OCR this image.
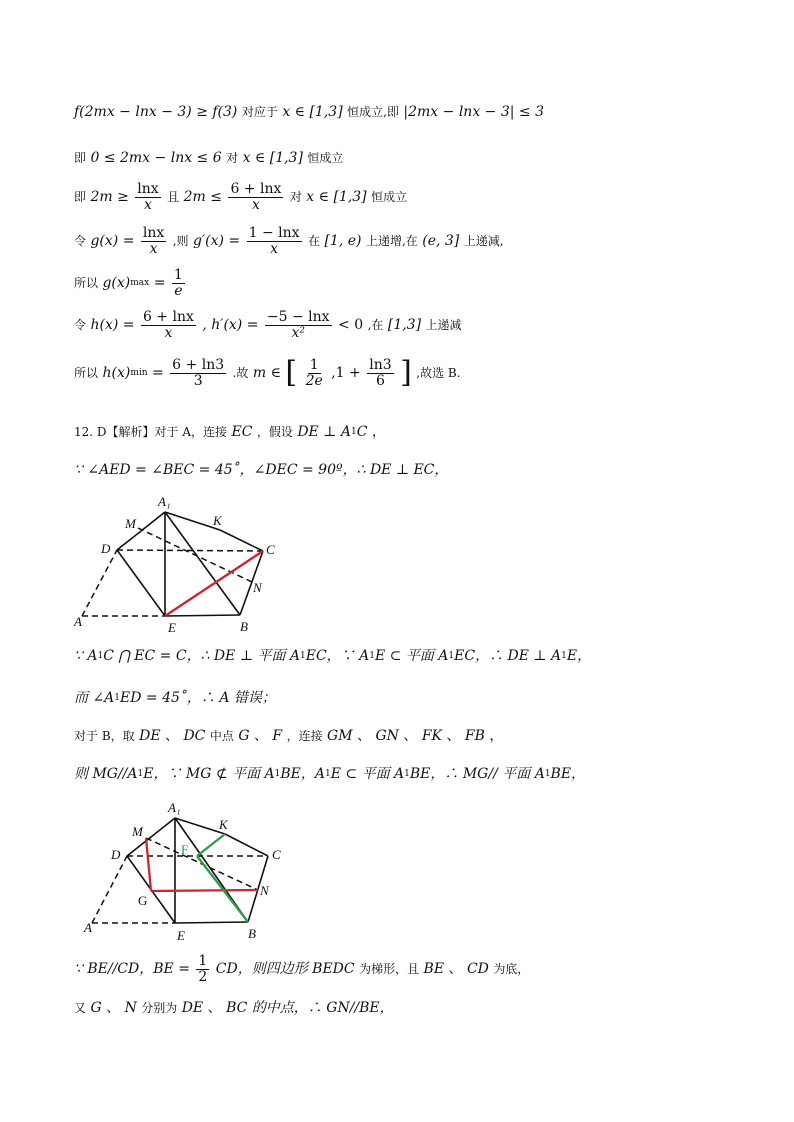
f(2mx − lnx − 3) ≥ f(3) 对应于 x ∈ [1,3] 恒成立,即 |2mx − lnx − 3| ≤ 3
即 0 ≤ 2mx − lnx ≤ 6 对 x ∈ [1,3] 恒成立
即 $2m \ge \frac{\ln x}{x}$ 且 $2m \le \frac{6 + \ln x}{x}$ 对 x ∈ [1,3] 恒成立
令 $g(x) = \frac{\ln x}{x}$ ,则 $g'(x) = \frac{1 - \ln x}{x}$ 在 [1, e) 上递增,在 (e, 3] 上递减,
所以 $g(x)\max = \frac{1}{e}$
令 $h(x) = \frac{6 + \ln x}{x}$ , $h'(x) = \frac{-5 - \ln x}{\text{x²}} < 0$ ,在 [1,3] 上递减
所以 $h(x)\min = \frac{6 + \ln 3}{3}$ .故 m ∈ [ $\frac{1}{2e} ,1 + \frac{\ln 3}{6}$ ] ,故选 B.
12. D【解析】对于 A，连接 EC ，假设 DE ⊥ A1C ，
∵ ∠AED = ∠BEC = 45˚，∠DEC = 90º，∴ DE ⊥ EC，
A₁
M	K
D	C
N
A	E	B
∵ A1C ⋂ EC = C，∴ DE ⊥ 平面 A1EC，∵ A1E ⊂ 平面 A1EC，∴ DE ⊥ A1E，
而 ∠A1ED = 45˚，∴ A 错误；
对于 B，取 DE 、 DC 中点 G 、 F ，连接 GM 、 GN 、 FK 、 FB ，
则 MG//A1E，∵ MG ⊄ 平面 A1BE，A1E ⊂ 平面 A1BE，∴ MG// 平面 A1BE，
A₁
M	K
D	C
F
G
N
A
E	B
∵ BE//CD，BE = $\frac{1}{2}$ CD，则四边形 BEDC 为梯形，且 BE 、 CD 为底，
又 G 、 N 分别为 DE 、 BC 的中点，∴ GN//BE，
